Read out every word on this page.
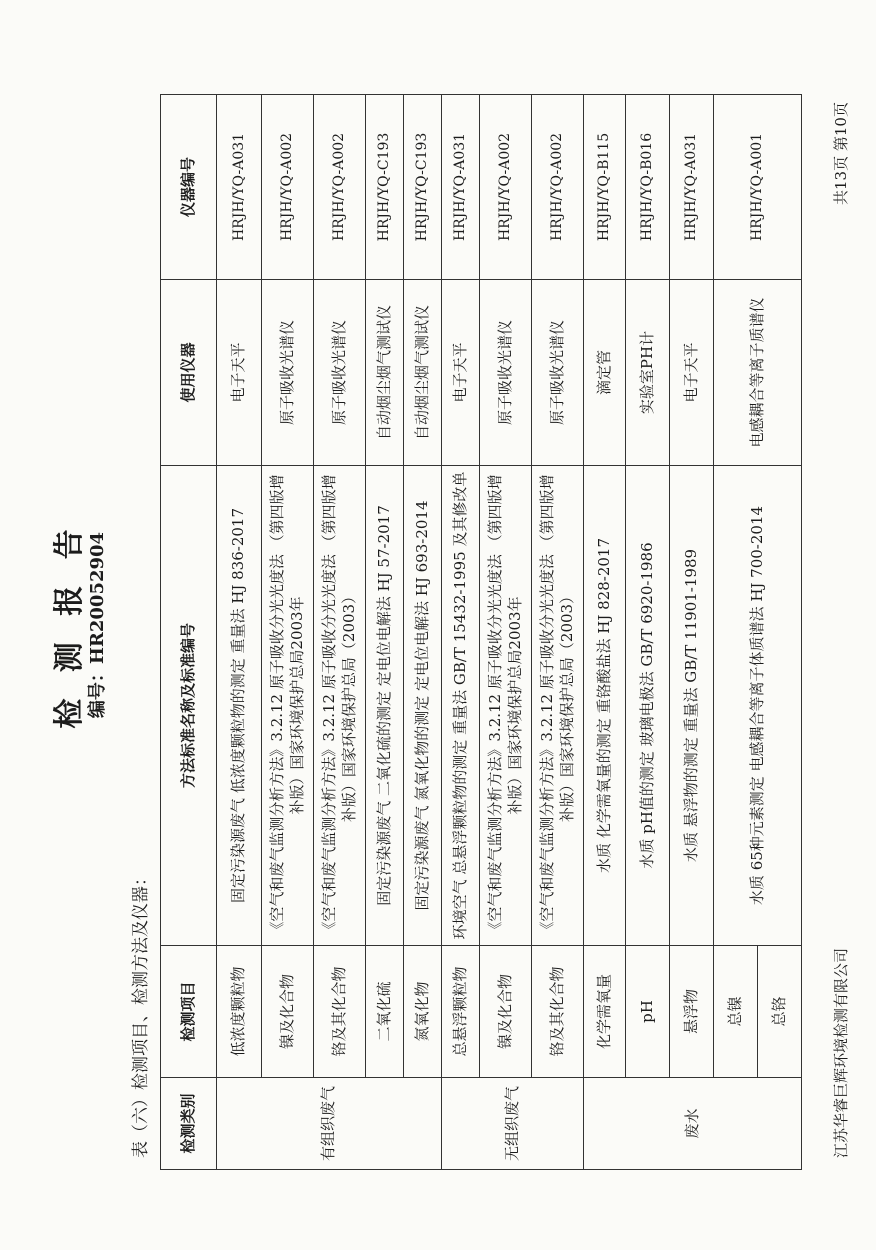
检 测 报 告 编号：HR20052904
表（六）检测项目、检测方法及仪器： 检测类别	检测项目	方法标准名称及标准编号	使用仪器	仪器编号
有组织废气	低浓度颗粒物	固定污染源废气 低浓度颗粒物的测定 重量法 HJ 836-2017	电子天平	HRJH/YQ-A031
	镍及化合物	《空气和废气监测分析方法》3.2.12 原子吸收分光光度法 （第四版增补版）国家环境保护总局2003年	原子吸收光谱仪	HRJH/YQ-A002
	铬及其化合物	《空气和废气监测分析方法》3.2.12 原子吸收分光光度法 （第四版增补版）国家环境保护总局（2003）	原子吸收光谱仪	HRJH/YQ-A002
	二氧化硫	固定污染源废气 二氧化硫的测定 定电位电解法 HJ 57-2017	自动烟尘烟气测试仪	HRJH/YQ-C193
	氮氧化物	固定污染源废气 氮氧化物的测定 定电位电解法 HJ 693-2014	自动烟尘烟气测试仪	HRJH/YQ-C193
无组织废气	总悬浮颗粒物	环境空气 总悬浮颗粒物的测定 重量法 GB/T 15432-1995 及其修改单	电子天平	HRJH/YQ-A031
	镍及化合物	《空气和废气监测分析方法》3.2.12 原子吸收分光光度法 （第四版增补版）国家环境保护总局2003年	原子吸收光谱仪	HRJH/YQ-A002
	铬及其化合物	《空气和废气监测分析方法》3.2.12 原子吸收分光光度法 （第四版增补版）国家环境保护总局（2003）	原子吸收光谱仪	HRJH/YQ-A002
废水	化学需氧量	水质 化学需氧量的测定 重铬酸盐法 HJ 828-2017	滴定管	HRJH/YQ-B115
	pH	水质 pH值的测定 玻璃电极法 GB/T 6920-1986	实验室PH计	HRJH/YQ-B016
	悬浮物	水质 悬浮物的测定 重量法 GB/T 11901-1989	电子天平	HRJH/YQ-A031
	总镍	水质 65种元素测定 电感耦合等离子体质谱法 HJ 700-2014	电感耦合等离子质谱仪	HRJH/YQ-A001
	总铬				江苏华睿巨辉环境检测有限公司
共13页 第10页
